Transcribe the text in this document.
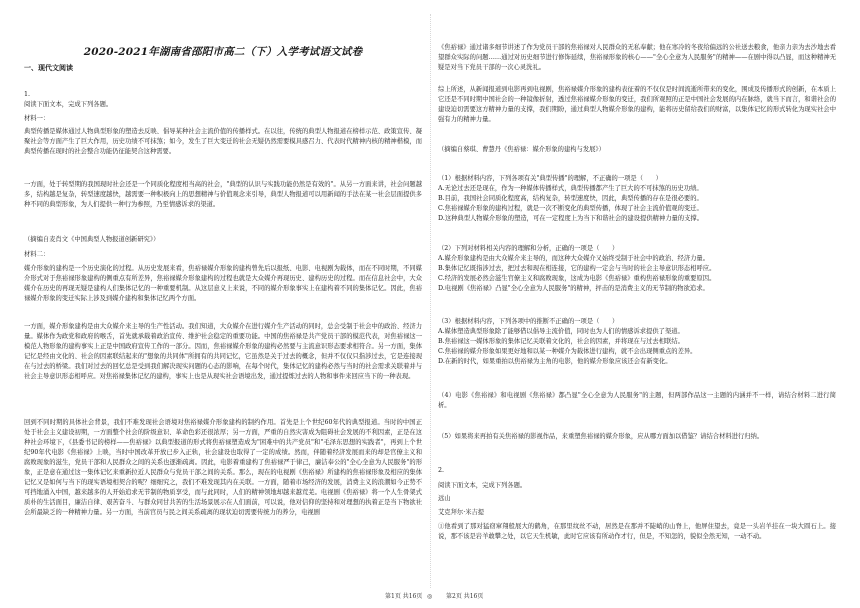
2020-2021年湖南省邵阳市高二（下）入学考试语文试卷
一、现代文阅读
1.
阅读下面文本，完成下列各题。
材料一：
典型传播是媒体通过人物典型形象的塑造去反映、倡导某种社会主流价值的传播样式。在以往，传统的典型人物报道在榜样示范、政策宣传、凝聚社会等方面产生了巨大作用，历史功绩不可抹煞；如今，发生了巨大变迁的社会无疑仍然需要模具感召力、代表时代精神内核的精神楷模，而典型传播在现时的社会整合功能仍征能契合这种需要。
一方面，处于转型期的我国现时社会还是一个同质化程度相当高的社会，"典型的认识与实践功能仍然是有效的"。从另一方面来讲，社会问题越多，结构越是复杂，转型速度越快，越需要一种积极向上的思想精神与价值观念来引导，典型人物报道可以用新闻的手法在某一社会层面提供多种不同的典型形象，为人们提供一种行为参照，乃至情感诉求的渠道。
（摘编自麦肖文《中国典型人物报道创新研究》）
材料二：
媒介形象的建构是一个历史演化的过程。从历史发展来看，焦裕禄媒介形象的建构曾先后以报纸、电影、电视剧为载体，而在不同时期，不同媒介形式对于焦裕禄形象建构的侧重点有所差异，焦裕禄媒介形象建构的过程也就是大众媒介再现历史、建构历史的过程。而在信息社会中，大众媒介在历史的再现无疑是建构人们集体记忆的一种重要机制。从这层意义上来说，不同的媒介形象事实上在建构着不同的集体记忆。因此，焦裕禄媒介形象的变迁实际上涉及到媒介建构和集体记忆两个方面。
一方面，媒介形象建构是由大众媒介来主导的生产性活动。我们知道，大众媒介在进行媒介生产活动的同时，总会受制于社会中的政治、经济力量。媒体作为政党和政府的喉舌，首先就承载着政治宣传、维护社会稳定的重要功能。中国的焦裕禄是共产党员干部的模范代表，对焦裕禄这一模范人物形象的建构事实上正是中国政府宣传工作的一部分。因而，焦裕禄媒介形象的建构必然要与主流意识形态要求相符合。另一方面，集体记忆是经由文化的、社会的因素联结起来的"想象的共同体"所拥有的共同记忆，它虽然是关于过去的概念，但并不仅仅只指涉过去，它是连接现在与过去的桥梁。我们对过去的回忆总是受到我们解决现实问题的心态的影响，在每个时代，集体记忆的建构必然与当时的社会需求关联着并与社会主导意识形态相呼应。对焦裕禄集体记忆的建构，事实上也是从现实社会语境出发，通过提炼过去的人物和事件来回应当下的一种表现。
回到不同时期的具体社会背景，我们不难发现社会语境对焦裕禄媒介形象建构的制约作用。首先是上个世纪60年代的典型报道。当时的中国正处于社会主义建设初期，一方面整个社会的阶级意识、革命色彩还很浓厚；另一方面，严重的自然灾害成为阻碍社会发展的不利因素，正是在这种社会环境下，《县委书记的榜样——焦裕禄》以典型报道的形式将焦裕禄塑造成为"困难中的共产党员"和"毛泽东思想的实践者"，再到上个世纪90年代电影《焦裕禄》上映，当时中国改革开放已步入正轨，社会建设也取得了一定的成绩。然而，伴随着经济发展而来的却是官僚主义和腐败现象的滋生，党员干部和人民群众之间的关系也逐渐疏离。因此，电影着重建构了焦裕禄严于律己，廉洁奉公的"全心全意为人民服务"的形象，正是意在通过这一集体记忆来重新拉近人民群众与党员干部之间的关系。那么，现在的电视剧《焦裕禄》所建构的焦裕禄形象及相应的集体记忆又是如何与当下的现实语境相契合的呢？细细究之，我们不难发现其内在关联。一方面，随着市场经济的发展，消费主义的浪潮如今正势不可挡地涌入中国，越来越多的人开始追求无节制的物质享受，而与此同时，人们的精神领地却越来越荒芜。电视剧《焦裕禄》将一个人生骨架式质朴的生活面目，廉洁自律、艰苦奋斗、与群众同甘共苦的生活场景展示在人们面前，可以说，他对信仰的坚持和对理想的执着正是当下物欲社会所最缺乏的一种精神力量。另一方面，当前官员与民之间关系疏离的现状迫切需要传统力的养分，电视剧
《焦裕禄》通过诸多细节讲述了作为党员干部的焦裕禄对人民群众的无私奉献；他在寒冷的冬夜给偏远的公社送去粮食，他亲力亲为去沙地去看望群众实际的问题……通过对历史细节进行修饰延续，焦裕禄形象的核心——"全心全意为人民服务"的精神——在剧中得以凸显，而这种精神无疑是对当下党员干部的一次心灵洗礼。
综上所述，从新闻报道到电影再到电视剧，焦裕禄媒介形象的建构表征着的不仅仅是时间流逝所带来的变化，围成及传播形式的创新，在本质上它还是不同时期中国社会的一种镜像折射，透过焦裕禄媒介形象的变迁，我们所观照的正是中国社会发展的内在脉络，就当下而言，和谐社会的建设迫切需要这方精神力量的支撑，我们期盼，通过典型人物媒介形象的建构，能将历史留给我们的财富，以集体记忆的形式转化为现实社会中强有力的精神力量。
（摘编自蔡琪、曹慧丹《焦裕禄：媒介形象的建构与发展》）
（1）根据材料内容，下列各项有关"典型传播"的理解，不正确的一项是（　　）
A.无论过去还是现在，作为一种媒体传播样式，典型传播都产生了巨大的不可抹煞的历史功绩。
B.目前，我国社会同质化程度高，结构复杂，转型速度快，因此，典型传播的存在是很必要的。
C.焦裕禄媒介形象的建构过程，就是一次不断变化的典型传播，体现了社会主流价值观的变迁。
D.这种典型人物媒介形象的塑造，可在一定程度上为当下和谐社会的建设提供精神力量的支撑。
（2）下列对材料相关内容的理解和分析，正确的一项是（　　）
A.媒介形象建构是由大众媒介来主导的，而这种大众媒介又始终受制于社会中的政治、经济力量。
B.集体记忆既指涉过去，把过去和现在相连接，它的建构一定会与当时的社会主导意识形态相呼应。
C.经济的发展必然会滋生官僚主义和腐败现象，这成为电影《焦裕禄》重构焦裕禄形象的重要原因。
D.电视剧《焦裕禄》凸显"全心全意为人民服务"的精神，抨击的是消费主义的无节制的物欲追求。
（3）根据材料内容，下列各项中的推断不正确的一项是（　　）
A.媒体塑造典型形象除了能够借以倡导主流价值，同时也为人们的情感诉求提供了渠道。
B.焦裕禄这一媒体形象的集体记忆关联着文化的，社会的因素，并将现在与过去相联结。
C.焦裕禄的媒介形象如果更好地和以某一种媒介为载体进行建构，就不会出现侧重点的差异。
D.在新的时代，如果重拍以焦裕禄为主角的电影，他的媒介形象应该还会有新变化。
（4）电影《焦裕禄》和电视剧《焦裕禄》都凸显"全心全意为人民服务"的主题，但两部作品这一主题的内涵并不一样，请结合材料二进行简析。
（5）如果将来再拍有关焦裕禄的影视作品，来重塑焦裕禄的媒介形象，应从哪方面加以借鉴？请结合材料进行归纳。
2.
阅读下面文本，完成下列各题。
远山
艾克拜尔·米吉提
①他看到了那对猛窃窜翔般展大的鹤角，在那里纹丝不动，居然是在那并不陡峭的山脊上，他屏住望去，竟是一头岩羊挂在一块大圆石上。接说，那不该是岩羊敢攀之处，以它天生机敏，此时它应该有所动作才行，但是，不知怎的，貌似全然无知，一动不动。
第1页 共16页 ◎ 第2页 共16页
